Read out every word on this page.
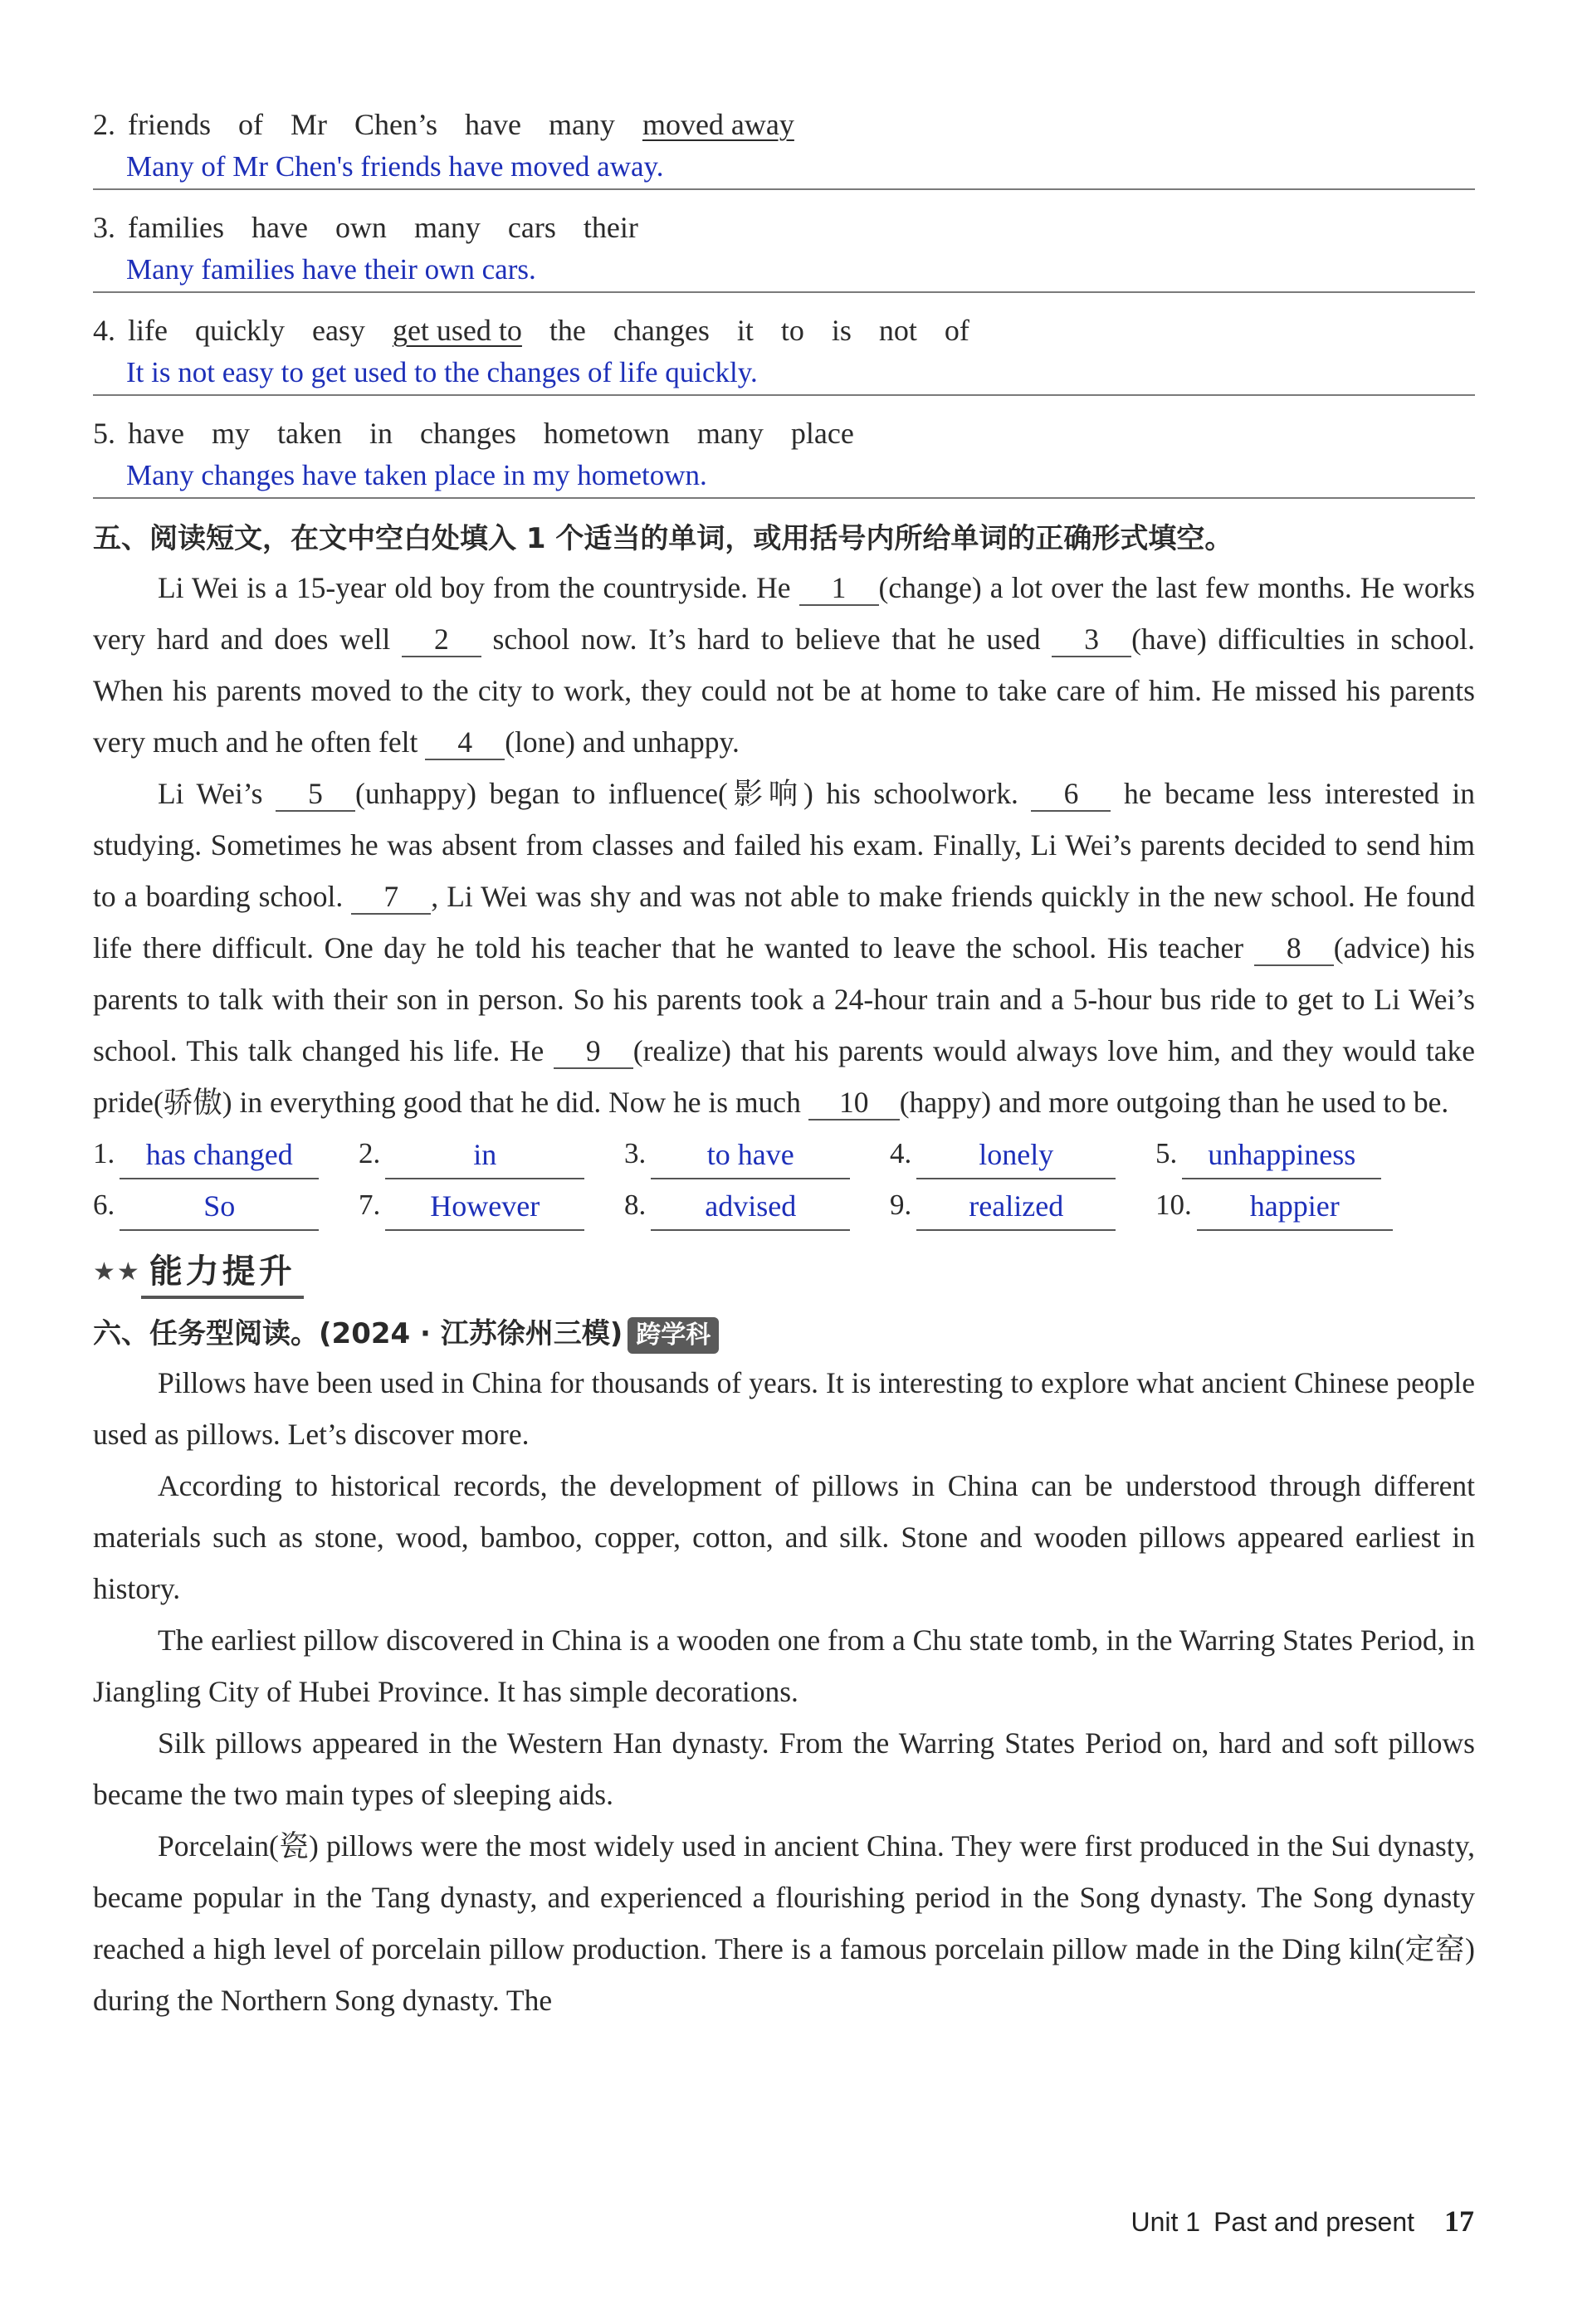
2. friends of Mr Chen’s have many moved away
Many of Mr Chen's friends have moved away.
3. families have own many cars their
Many families have their own cars.
4. life quickly easy get used to the changes it to is not of
It is not easy to get used to the changes of life quickly.
5. have my taken in changes hometown many place
Many changes have taken place in my hometown.
五、阅读短文，在文中空白处填入 1 个适当的单词，或用括号内所给单词的正确形式填空。

Li Wei is a 15-year old boy from the countryside. He 1 (change) a lot over the last few months. He works very hard and does well 2 school now. It’s hard to believe that he used 3 (have) difficulties in school. When his parents moved to the city to work, they could not be at home to take care of him. He missed his parents very much and he often felt 4 (lone) and unhappy.

Li Wei’s 5 (unhappy) began to influence(影响) his schoolwork. 6 he became less interested in studying. Sometimes he was absent from classes and failed his exam. Finally, Li Wei’s parents decided to send him to a boarding school. 7 , Li Wei was shy and was not able to make friends quickly in the new school. He found life there difficult. One day he told his teacher that he wanted to leave the school. His teacher 8 (advice) his parents to talk with their son in person. So his parents took a 24-hour train and a 5-hour bus ride to get to Li Wei’s school. This talk changed his life. He 9 (realize) that his parents would always love him, and they would take pride(骄傲) in everything good that he did. Now he is much 10 (happy) and more outgoing than he used to be.

1.	has changed	2.	in	3.	to have	4.	lonely	5.	unhappiness
6.	So	7.	However	8.	advised	9.	realized	10.	happier
★ ★ 能力提升
六、任务型阅读。(2024 · 江苏徐州三模) 跨学科

Pillows have been used in China for thousands of years. It is interesting to explore what ancient Chinese people used as pillows. Let’s discover more.

According to historical records, the development of pillows in China can be understood through different materials such as stone, wood, bamboo, copper, cotton, and silk. Stone and wooden pillows appeared earliest in history.

The earliest pillow discovered in China is a wooden one from a Chu state tomb, in the Warring States Period, in Jiangling City of Hubei Province. It has simple decorations.

Silk pillows appeared in the Western Han dynasty. From the Warring States Period on, hard and soft pillows became the two main types of sleeping aids.

Porcelain(瓷) pillows were the most widely used in ancient China. They were first produced in the Sui dynasty, became popular in the Tang dynasty, and experienced a flourishing period in the Song dynasty. The Song dynasty reached a high level of porcelain pillow production. There is a famous porcelain pillow made in the Ding kiln(定窑) during the Northern Song dynasty. The

Unit 1 Past and present 17
